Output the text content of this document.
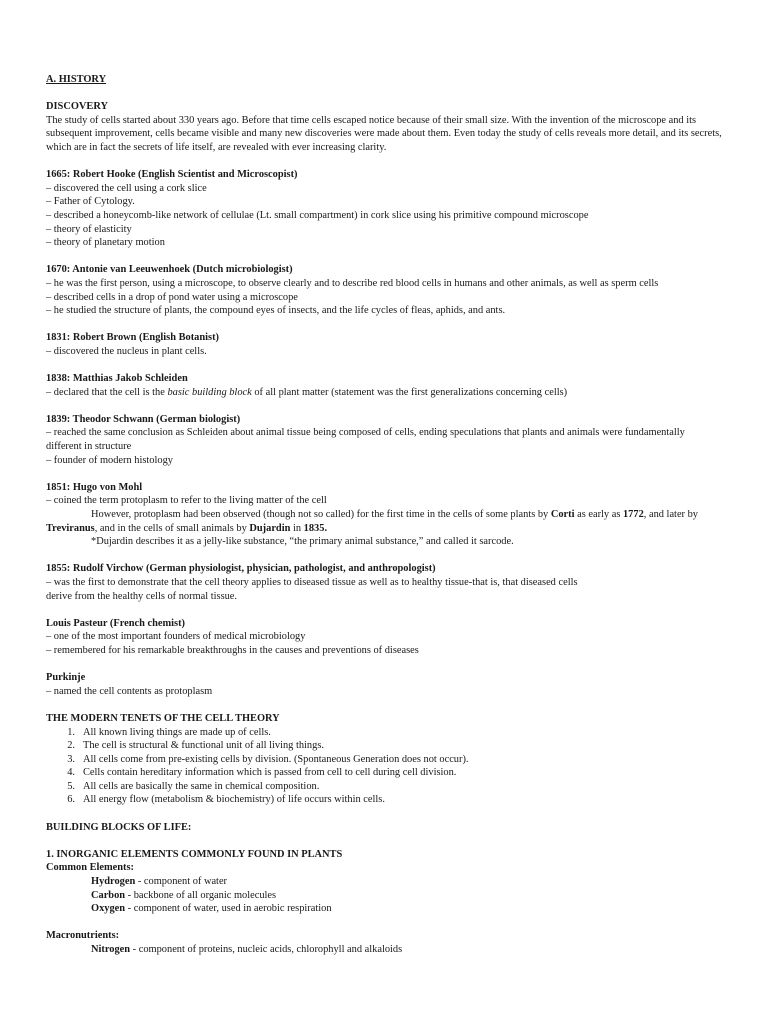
A. HISTORY

DISCOVERY

The study of cells started about 330 years ago. Before that time cells escaped notice because of their small size. With the invention of the microscope and its subsequent improvement, cells became visible and many new discoveries were made about them. Even today the study of cells reveals more detail, and its secrets, which are in fact the secrets of life itself, are revealed with ever increasing clarity.

1665: Robert Hooke (English Scientist and Microscopist)

– discovered the cell using a cork slice

– Father of Cytology.

– described a honeycomb-like network of cellulae (Lt. small compartment) in cork slice using his primitive compound microscope

– theory of elasticity

– theory of planetary motion

1670: Antonie van Leeuwenhoek (Dutch microbiologist)

– he was the first person, using a microscope, to observe clearly and to describe red blood cells in humans and other animals, as well as sperm cells

– described cells in a drop of pond water using a microscope

– he studied the structure of plants, the compound eyes of insects, and the life cycles of fleas, aphids, and ants.

1831: Robert Brown (English Botanist)

– discovered the nucleus in plant cells.

1838: Matthias Jakob Schleiden

– declared that the cell is the basic building block of all plant matter (statement was the first generalizations concerning cells)

1839: Theodor Schwann (German biologist)

– reached the same conclusion as Schleiden about animal tissue being composed of cells, ending speculations that plants and animals were fundamentally different in structure

– founder of modern histology

1851: Hugo von Mohl

– coined the term protoplasm to refer to the living matter of the cell

However, protoplasm had been observed (though not so called) for the first time in the cells of some plants by Corti as early as 1772, and later by

Treviranus, and in the cells of small animals by Dujardin in 1835.

*Dujardin describes it as a jelly-like substance, “the primary animal substance,” and called it sarcode.

1855: Rudolf Virchow (German physiologist, physician, pathologist, and anthropologist)

– was the first to demonstrate that the cell theory applies to diseased tissue as well as to healthy tissue-that is, that diseased cells

derive from the healthy cells of normal tissue.

Louis Pasteur (French chemist)

– one of the most important founders of medical microbiology

– remembered for his remarkable breakthroughs in the causes and preventions of diseases

Purkinje

– named the cell contents as protoplasm

THE MODERN TENETS OF THE CELL THEORY

1. All known living things are made up of cells.
2. The cell is structural & functional unit of all living things.
3. All cells come from pre-existing cells by division. (Spontaneous Generation does not occur).
4. Cells contain hereditary information which is passed from cell to cell during cell division.
5. All cells are basically the same in chemical composition.
6. All energy flow (metabolism & biochemistry) of life occurs within cells.

BUILDING BLOCKS OF LIFE:

1. INORGANIC ELEMENTS COMMONLY FOUND IN PLANTS

Common Elements:

Hydrogen - component of water

Carbon - backbone of all organic molecules

Oxygen - component of water, used in aerobic respiration

Macronutrients:

Nitrogen - component of proteins, nucleic acids, chlorophyll and alkaloids
